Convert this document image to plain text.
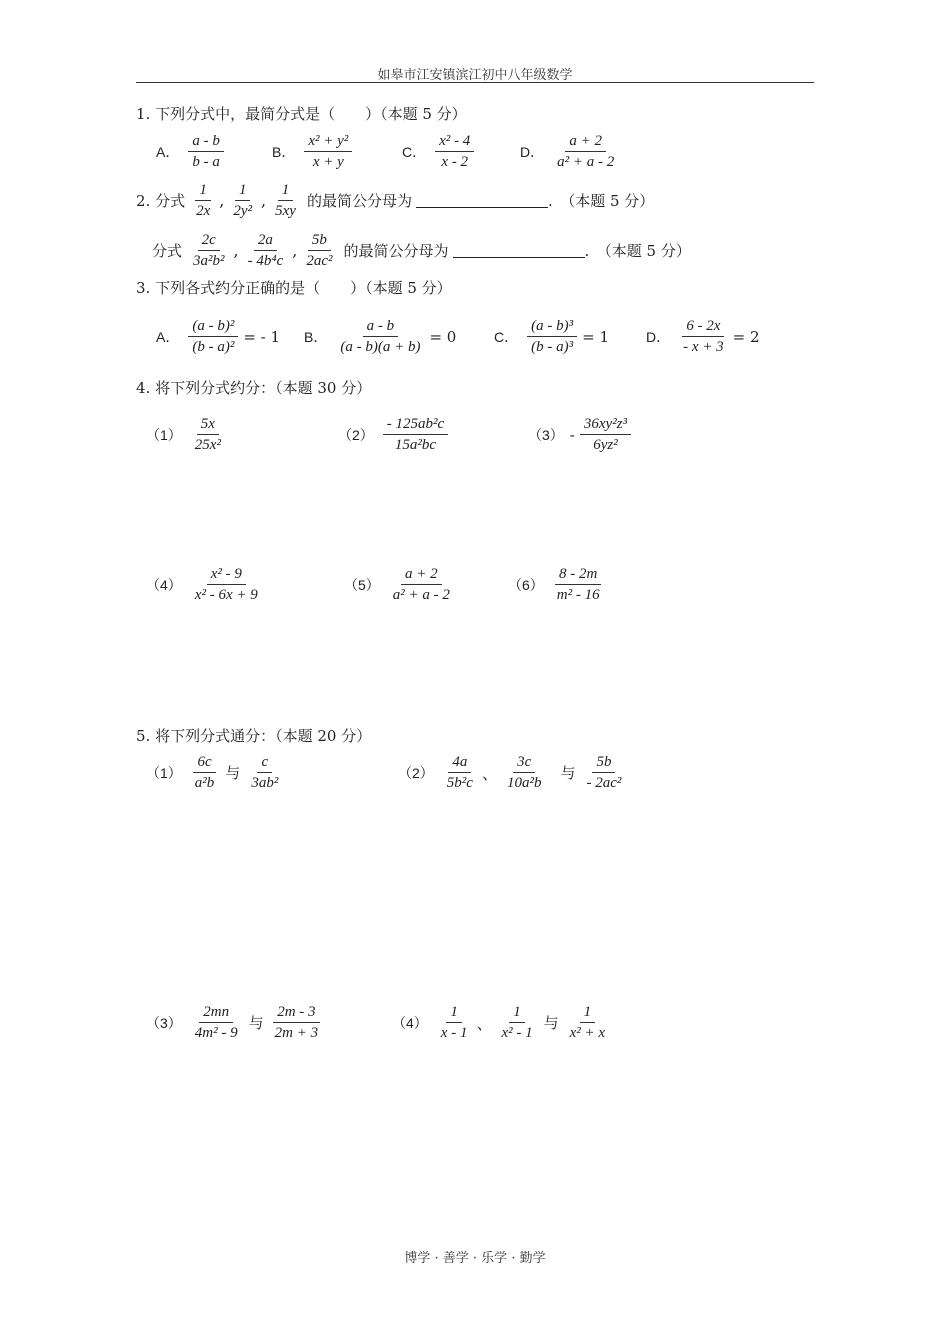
如皋市江安镇滨江初中八年级数学
1. 下列分式中，最简分式是（　　）（本题 5 分）
A． $\frac{a - b}{b - a}$	B． $\frac{\text{x² + y²}}{x + y}$	C． $\frac{\text{x² - 4}}{x - 2}$	D． $\frac{a + 2}{\text{a² + a - 2}}$
2. 分式 $\frac{1}{2x}$ , $\frac{1}{\text{2y²}}$ , $\frac{1}{5xy}$ 的最简公分母为	.　（本题 5 分）
分式 $\frac{2c}{\text{3a²b²}}$ , $\frac{2a}{\text{- 4b⁴c}}$ , $\frac{5b}{\text{2ac²}}$ 的最简公分母为	.　（本题 5 分）
3. 下列各式约分正确的是（　　）（本题 5 分）
A． $\frac{\text{(a - b)²}}{\text{(b - a)²}}$ = - 1 B． $\frac{a - b}{(a - b)(a + b)} = 0$	C． $\frac{\text{(a - b)³}}{\text{(b - a)³}} = 1$	D． $\frac{6 - 2x}{- x + 3} = 2$
4. 将下列分式约分：（本题 30 分）
$(1) \frac{5x}{\text{25x²}}$	$(2) \frac{\text{- 125ab²c}}{\text{15a²bc}}$	$(3) - \frac{\text{36xy²z³}}{\text{6yz²}}$
$(4) \frac{\text{x² - 9}}{\text{x² - 6x + 9}}$	$(5) \frac{a + 2}{\text{a² + a - 2}}$	$(6) \frac{8 - 2m}{\text{m² - 16}}$
5. 将下列分式通分：（本题 20 分）
$(1) \frac{6c}{\text{a²b}}$ 与 $\frac{c}{\text{3ab²}}$	$(2) \frac{4a}{\text{5b²c}}$ 、 $\frac{3c}{\text{10a²b}}$ 与 $\frac{5b}{\text{- 2ac²}}$
$(3) \frac{2mn}{\text{4m² - 9}}$ 与 $\frac{2m - 3}{2m + 3}$	$(4) \frac{1}{x - 1}$ 、 $\frac{1}{\text{x² - 1}}$ 与 $\frac{1}{\text{x² + x}}$
博学 · 善学 · 乐学 · 勤学
